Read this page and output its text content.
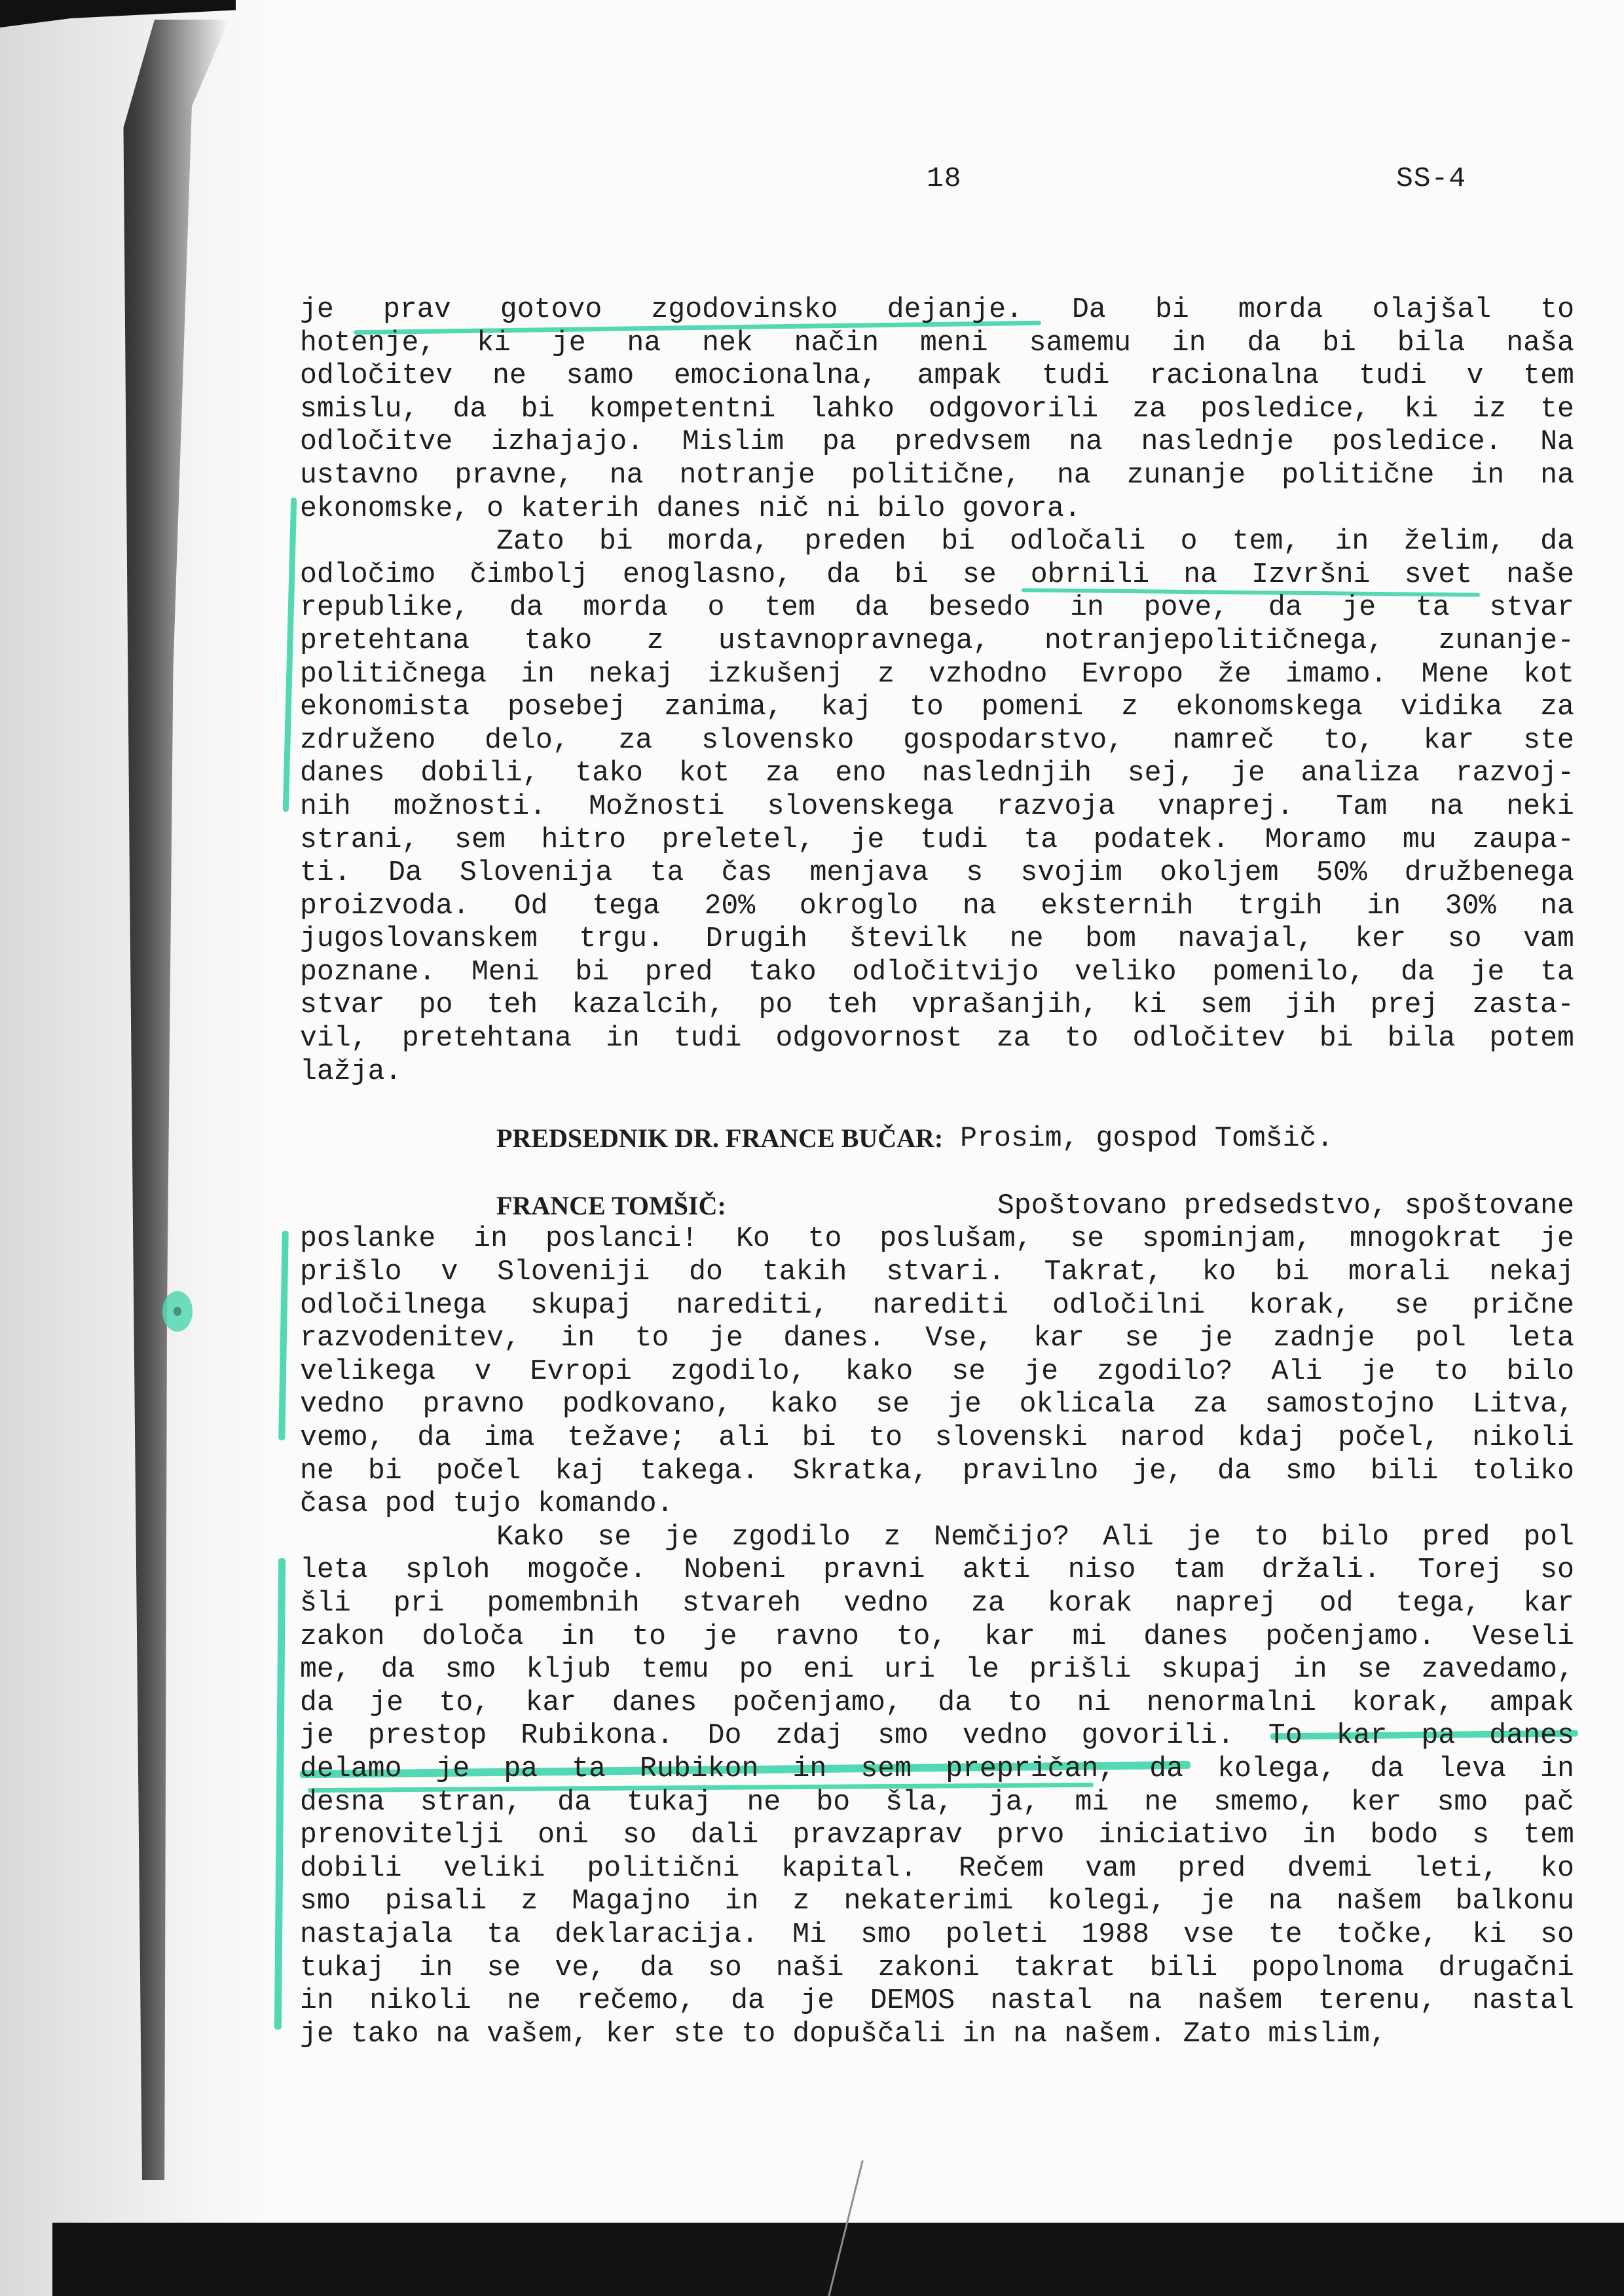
18	SS-4
je prav gotovo zgodovinsko dejanje. Da bi morda olajšal to
hotenje, ki je na nek način meni samemu in da bi bila naša
odločitev ne samo emocionalna, ampak tudi racionalna tudi v tem
smislu, da bi kompetentni lahko odgovorili za posledice, ki iz te
odločitve izhajajo. Mislim pa predvsem na naslednje posledice. Na
ustavno pravne, na notranje politične, na zunanje politične in na
ekonomske, o katerih danes nič ni bilo govora.
Zato bi morda, preden bi odločali o tem, in želim, da
odločimo čimbolj enoglasno, da bi se obrnili na Izvršni svet naše
republike, da morda o tem da besedo in pove, da je ta stvar
pretehtana tako z ustavnopravnega, notranjepolitičnega, zunanje-
političnega in nekaj izkušenj z vzhodno Evropo že imamo. Mene kot
ekonomista posebej zanima, kaj to pomeni z ekonomskega vidika za
združeno delo, za slovensko gospodarstvo, namreč to, kar ste
danes dobili, tako kot za eno naslednjih sej, je analiza razvoj-
nih možnosti. Možnosti slovenskega razvoja vnaprej. Tam na neki
strani, sem hitro preletel, je tudi ta podatek. Moramo mu zaupa-
ti. Da Slovenija ta čas menjava s svojim okoljem 50% družbenega
proizvoda. Od tega 20% okroglo na eksternih trgih in 30% na
jugoslovanskem trgu. Drugih številk ne bom navajal, ker so vam
poznane. Meni bi pred tako odločitvijo veliko pomenilo, da je ta
stvar po teh kazalcih, po teh vprašanjih, ki sem jih prej zasta-
vil, pretehtana in tudi odgovornost za to odločitev bi bila potem
lažja.
PREDSEDNIK DR. FRANCE BUČAR:
Prosim, gospod Tomšič.
FRANCE TOMŠIČ:	Spoštovano predsedstvo, spoštovane
poslanke in poslanci! Ko to poslušam, se spominjam, mnogokrat je
prišlo v Sloveniji do takih stvari. Takrat, ko bi morali nekaj
odločilnega skupaj narediti, narediti odločilni korak, se prične
razvodenitev, in to je danes. Vse, kar se je zadnje pol leta
velikega v Evropi zgodilo, kako se je zgodilo? Ali je to bilo
vedno pravno podkovano, kako se je oklicala za samostojno Litva,
vemo, da ima težave; ali bi to slovenski narod kdaj počel, nikoli
ne bi počel kaj takega. Skratka, pravilno je, da smo bili toliko
časa pod tujo komando.
Kako se je zgodilo z Nemčijo? Ali je to bilo pred pol
leta sploh mogoče. Nobeni pravni akti niso tam držali. Torej so
šli pri pomembnih stvareh vedno za korak naprej od tega, kar
zakon določa in to je ravno to, kar mi danes počenjamo. Veseli
me, da smo kljub temu po eni uri le prišli skupaj in se zavedamo,
da je to, kar danes počenjamo, da to ni nenormalni korak, ampak
je prestop Rubikona. Do zdaj smo vedno govorili. To kar pa danes
delamo je pa ta Rubikon in sem prepričan, da kolega, da leva in
desna stran, da tukaj ne bo šla, ja, mi ne smemo, ker smo pač
prenovitelji oni so dali pravzaprav prvo iniciativo in bodo s tem
dobili veliki politični kapital. Rečem vam pred dvemi leti, ko
smo pisali z Magajno in z nekaterimi kolegi, je na našem balkonu
nastajala ta deklaracija. Mi smo poleti 1988 vse te točke, ki so
tukaj in se ve, da so naši zakoni takrat bili popolnoma drugačni
in nikoli ne rečemo, da je DEMOS nastal na našem terenu, nastal
je tako na vašem, ker ste to dopuščali in na našem. Zato mislim,
